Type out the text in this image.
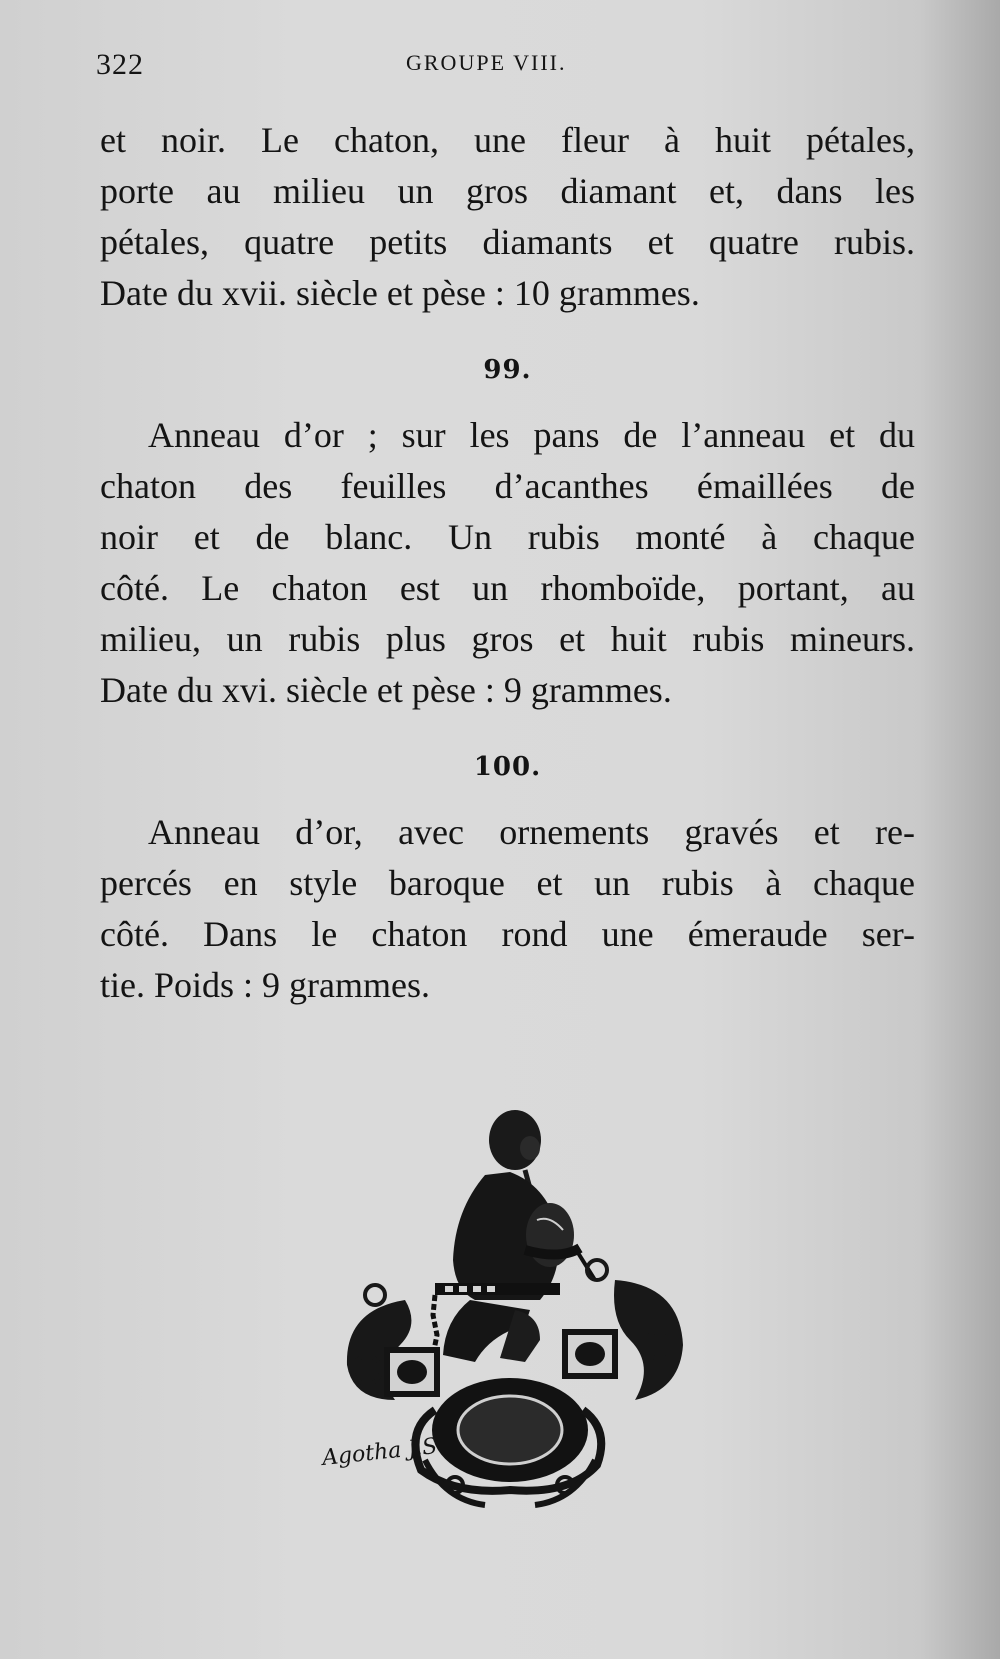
322	GROUPE VIII.

et noir. Le chaton, une fleur à huit pétales,
porte au milieu un gros diamant et, dans les
pétales, quatre petits diamants et quatre rubis.
Date du xvii. siècle et pèse : 10 grammes.

99.

Anneau d’or ; sur les pans de l’anneau et du
chaton des feuilles d’acanthes émaillées de
noir et de blanc. Un rubis monté à chaque
côté. Le chaton est un rhomboïde, portant, au
milieu, un rubis plus gros et huit rubis mineurs.
Date du xvi. siècle et pèse : 9 grammes.

100.

Anneau d’or, avec ornements gravés et re-
percés en style baroque et un rubis à chaque
côté. Dans le chaton rond une émeraude ser-
tie. Poids : 9 grammes.

Agotha J.S
